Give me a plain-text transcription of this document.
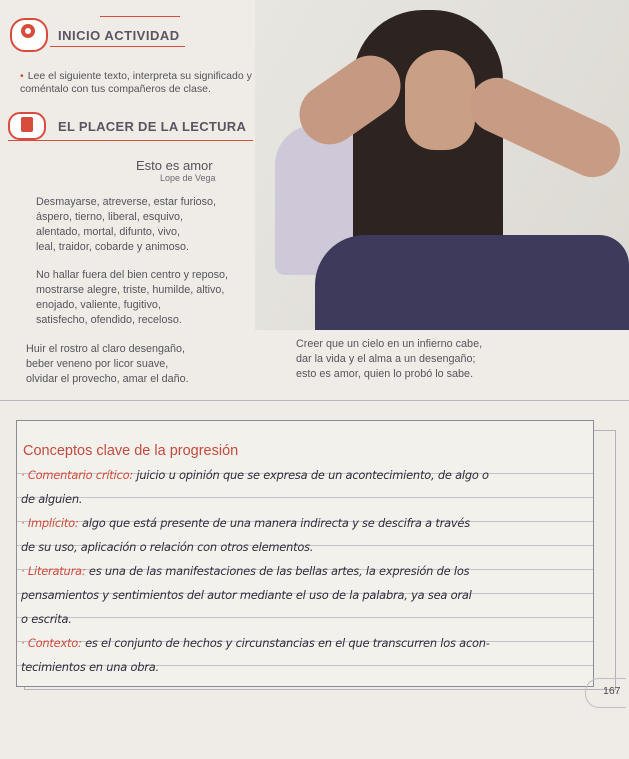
INICIO ACTIVIDAD
• Lee el siguiente texto, interpreta su significado y coméntalo con tus compañeros de clase.
EL PLACER DE LA LECTURA
Esto es amor
Lope de Vega
Desmayarse, atreverse, estar furioso,
áspero, tierno, liberal, esquivo,
alentado, mortal, difunto, vivo,
leal, traidor, cobarde y animoso.
No hallar fuera del bien centro y reposo,
mostrarse alegre, triste, humilde, altivo,
enojado, valiente, fugitivo,
satisfecho, ofendido, receloso.
Huir el rostro al claro desengaño,
beber veneno por licor suave,
olvidar el provecho, amar el daño.
Creer que un cielo en un infierno cabe,
dar la vida y el alma a un desengaño;
esto es amor, quien lo probó lo sabe.
Conceptos clave de la progresión
· Comentario crítico: juicio u opinión que se expresa de un acontecimiento, de algo o
de alguien.
· Implícito: algo que está presente de una manera indirecta y se descifra a través
de su uso, aplicación o relación con otros elementos.
· Literatura: es una de las manifestaciones de las bellas artes, la expresión de los
pensamientos y sentimientos del autor mediante el uso de la palabra, ya sea oral
o escrita.
· Contexto: es el conjunto de hechos y circunstancias en el que transcurren los acon-
tecimientos en una obra.
167
